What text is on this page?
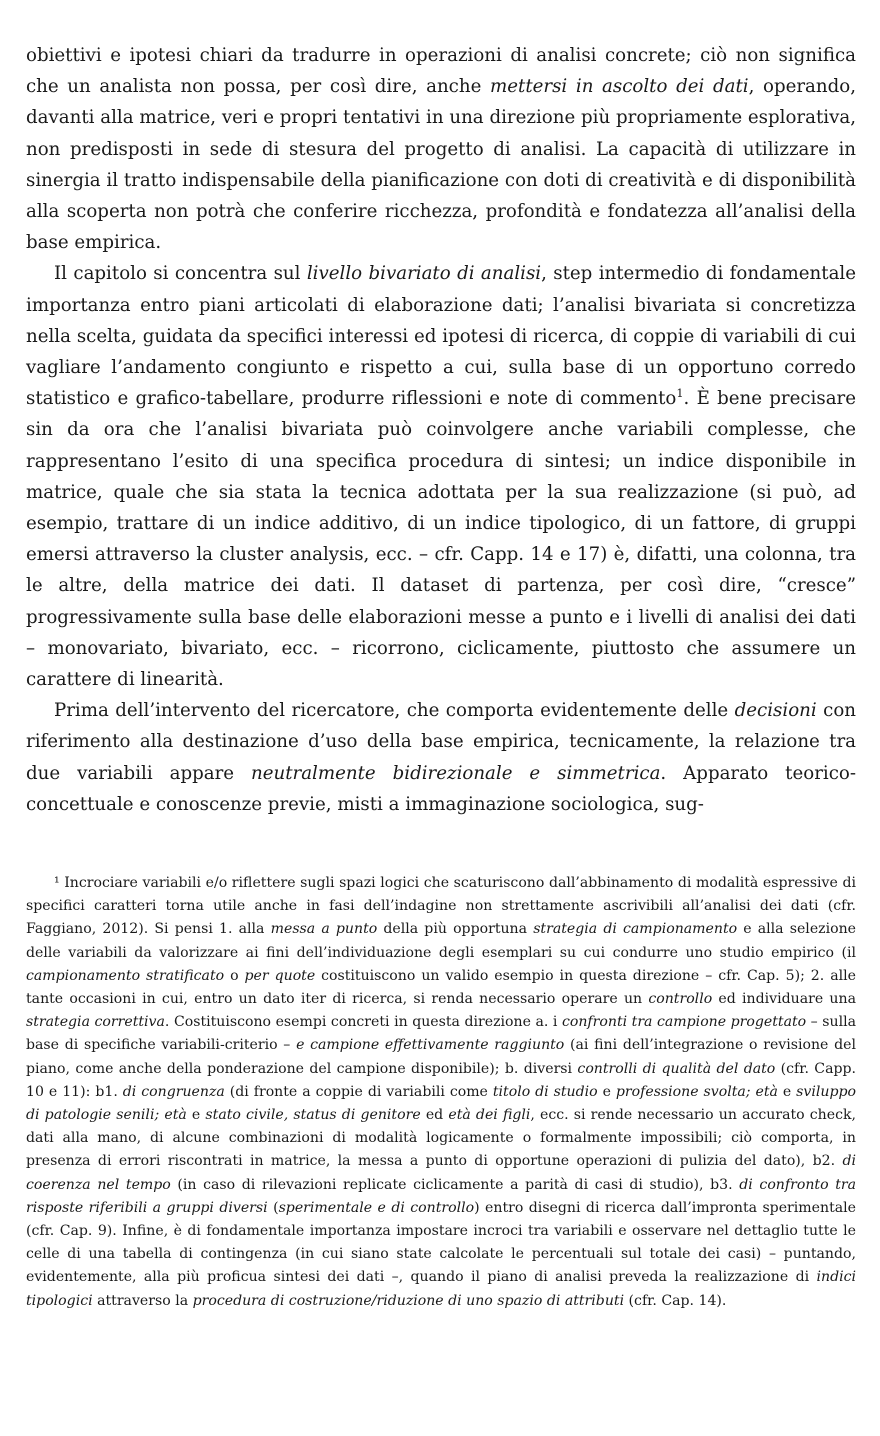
obiettivi e ipotesi chiari da tradurre in operazioni di analisi concrete; ciò non significa che un analista non possa, per così dire, anche mettersi in ascolto dei dati, operando, davanti alla matrice, veri e propri tentativi in una direzione più propriamente esplorativa, non predisposti in sede di stesura del progetto di analisi. La capacità di utilizzare in sinergia il tratto indispensabile della pianificazione con doti di creatività e di disponibilità alla scoperta non potrà che conferire ricchezza, profondità e fondatezza all’analisi della base empirica.

Il capitolo si concentra sul livello bivariato di analisi, step intermedio di fondamentale importanza entro piani articolati di elaborazione dati; l’analisi bivariata si concretizza nella scelta, guidata da specifici interessi ed ipotesi di ricerca, di coppie di variabili di cui vagliare l’andamento congiunto e rispetto a cui, sulla base di un opportuno corredo statistico e grafico-tabellare, produrre riflessioni e note di commento$^1$. È bene precisare sin da ora che l’analisi bivariata può coinvolgere anche variabili complesse, che rappresentano l’esito di una specifica procedura di sintesi; un indice disponibile in matrice, quale che sia stata la tecnica adottata per la sua realizzazione (si può, ad esempio, trattare di un indice additivo, di un indice tipologico, di un fattore, di gruppi emersi attraverso la cluster analysis, ecc. – cfr. Capp. 14 e 17) è, difatti, una colonna, tra le altre, della matrice dei dati. Il dataset di partenza, per così dire, “cresce” progressivamente sulla base delle elaborazioni messe a punto e i livelli di analisi dei dati – monovariato, bivariato, ecc. – ricorrono, ciclicamente, piuttosto che assumere un carattere di linearità.

Prima dell’intervento del ricercatore, che comporta evidentemente delle decisioni con riferimento alla destinazione d’uso della base empirica, tecnicamente, la relazione tra due variabili appare neutralmente bidirezionale e simmetrica. Apparato teorico-concettuale e conoscenze previe, misti a immaginazione sociologica, sug-

¹ Incrociare variabili e/o riflettere sugli spazi logici che scaturiscono dall’abbinamento di modalità espressive di specifici caratteri torna utile anche in fasi dell’indagine non strettamente ascrivibili all’analisi dei dati (cfr. Faggiano, 2012). Si pensi 1. alla messa a punto della più opportuna strategia di campionamento e alla selezione delle variabili da valorizzare ai fini dell’individuazione degli esemplari su cui condurre uno studio empirico (il campionamento stratificato o per quote costituiscono un valido esempio in questa direzione – cfr. Cap. 5); 2. alle tante occasioni in cui, entro un dato iter di ricerca, si renda necessario operare un controllo ed individuare una strategia correttiva. Costituiscono esempi concreti in questa direzione a. i confronti tra campione progettato – sulla base di specifiche variabili-criterio – e campione effettivamente raggiunto (ai fini dell’integrazione o revisione del piano, come anche della ponderazione del campione disponibile); b. diversi controlli di qualità del dato (cfr. Capp. 10 e 11): b1. di congruenza (di fronte a coppie di variabili come titolo di studio e professione svolta; età e sviluppo di patologie senili; età e stato civile, status di genitore ed età dei figli, ecc. si rende necessario un accurato check, dati alla mano, di alcune combinazioni di modalità logicamente o formalmente impossibili; ciò comporta, in presenza di errori riscontrati in matrice, la messa a punto di opportune operazioni di pulizia del dato), b2. di coerenza nel tempo (in caso di rilevazioni replicate ciclicamente a parità di casi di studio), b3. di confronto tra risposte riferibili a gruppi diversi (sperimentale e di controllo) entro disegni di ricerca dall’impronta sperimentale (cfr. Cap. 9). Infine, è di fondamentale importanza impostare incroci tra variabili e osservare nel dettaglio tutte le celle di una tabella di contingenza (in cui siano state calcolate le percentuali sul totale dei casi) – puntando, evidentemente, alla più proficua sintesi dei dati –, quando il piano di analisi preveda la realizzazione di indici tipologici attraverso la procedura di costruzione/riduzione di uno spazio di attributi (cfr. Cap. 14).
